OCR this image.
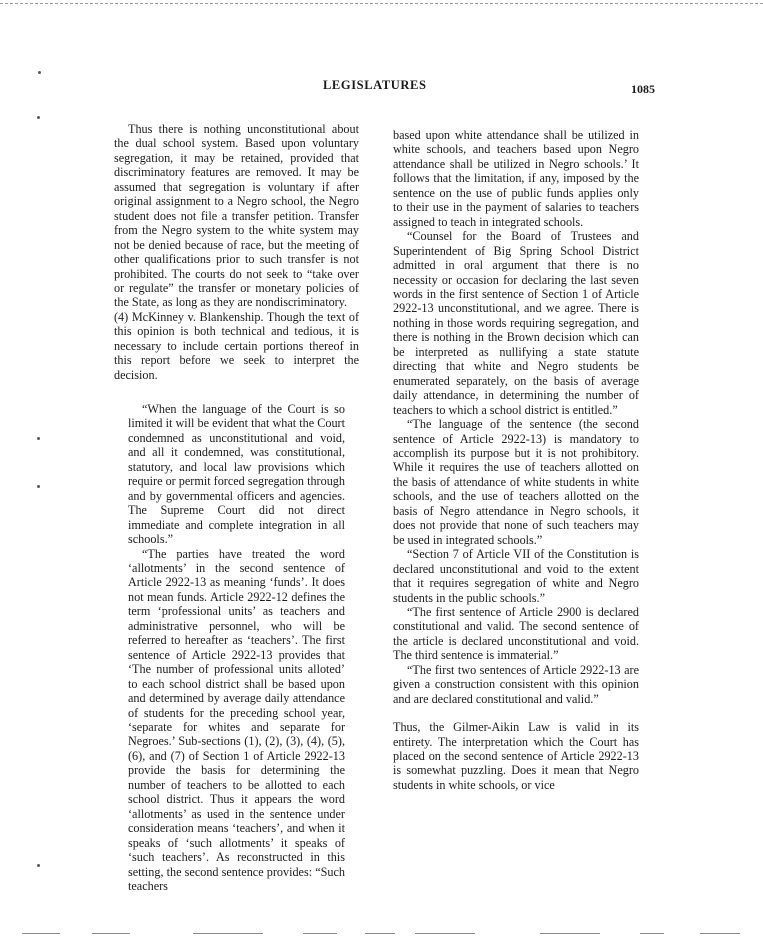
LEGISLATURES	1085

Thus there is nothing unconstitutional about the dual school system. Based upon voluntary segregation, it may be retained, provided that discriminatory features are removed. It may be assumed that segregation is voluntary if after original assignment to a Negro school, the Negro student does not file a transfer petition. Transfer from the Negro system to the white system may not be denied because of race, but the meeting of other qualifications prior to such transfer is not prohibited. The courts do not seek to “take over or regulate” the transfer or monetary policies of the State, as long as they are nondiscriminatory.

(4) McKinney v. Blankenship. Though the text of this opinion is both technical and tedious, it is necessary to include certain portions thereof in this report before we seek to interpret the decision.

“When the language of the Court is so limited it will be evident that what the Court condemned as unconstitutional and void, and all it condemned, was constitutional, statutory, and local law provisions which require or permit forced segregation through and by governmental officers and agencies. The Supreme Court did not direct immediate and complete integration in all schools.”

“The parties have treated the word ‘allotments’ in the second sentence of Article 2922-13 as meaning ‘funds’. It does not mean funds. Article 2922-12 defines the term ‘professional units’ as teachers and administrative personnel, who will be referred to hereafter as ‘teachers’. The first sentence of Article 2922-13 provides that ‘The number of professional units alloted’ to each school district shall be based upon and determined by average daily attendance of students for the preceding school year, ‘separate for whites and separate for Negroes.’ Sub-sections (1), (2), (3), (4), (5), (6), and (7) of Section 1 of Article 2922-13 provide the basis for determining the number of teachers to be allotted to each school district. Thus it appears the word ‘allotments’ as used in the sentence under consideration means ‘teachers’, and when it speaks of ‘such allotments’ it speaks of ‘such teachers’. As reconstructed in this setting, the second sentence provides: “Such teachers

based upon white attendance shall be utilized in white schools, and teachers based upon Negro attendance shall be utilized in Negro schools.’ It follows that the limitation, if any, imposed by the sentence on the use of public funds applies only to their use in the payment of salaries to teachers assigned to teach in integrated schools.

“Counsel for the Board of Trustees and Superintendent of Big Spring School District admitted in oral argument that there is no necessity or occasion for declaring the last seven words in the first sentence of Section 1 of Article 2922-13 unconstitutional, and we agree. There is nothing in those words requiring segregation, and there is nothing in the Brown decision which can be interpreted as nullifying a state statute directing that white and Negro students be enumerated separately, on the basis of average daily attendance, in determining the number of teachers to which a school district is entitled.”

“The language of the sentence (the second sentence of Article 2922-13) is mandatory to accomplish its purpose but it is not prohibitory. While it requires the use of teachers allotted on the basis of attendance of white students in white schools, and the use of teachers allotted on the basis of Negro attendance in Negro schools, it does not provide that none of such teachers may be used in integrated schools.”

“Section 7 of Article VII of the Constitution is declared unconstitutional and void to the extent that it requires segregation of white and Negro students in the public schools.”

“The first sentence of Article 2900 is declared constitutional and valid. The second sentence of the article is declared unconstitutional and void. The third sentence is immaterial.”

“The first two sentences of Article 2922-13 are given a construction consistent with this opinion and are declared constitutional and valid.”

Thus, the Gilmer-Aikin Law is valid in its entirety. The interpretation which the Court has placed on the second sentence of Article 2922-13 is somewhat puzzling. Does it mean that Negro students in white schools, or vice
